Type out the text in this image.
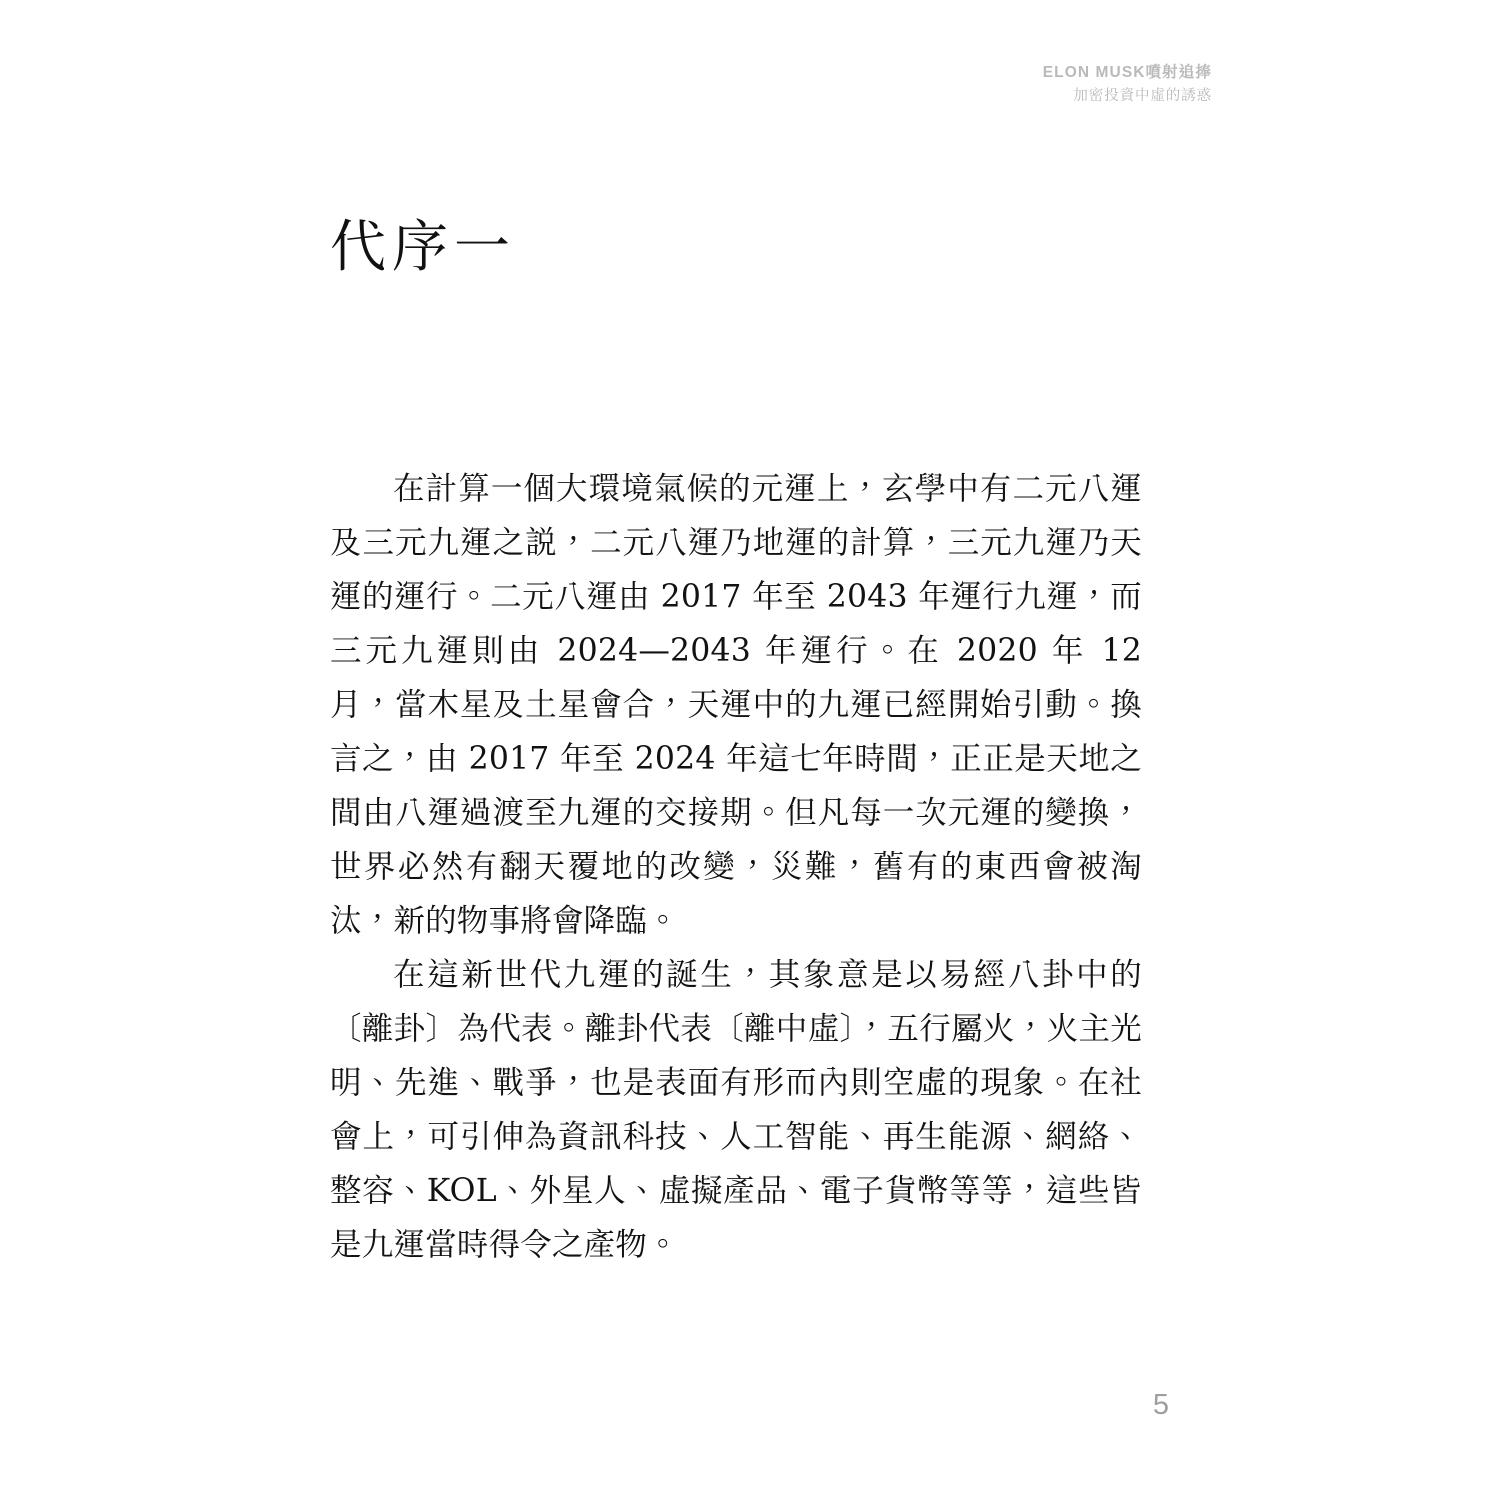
ELON MUSK噴射追捧
加密投資中虛的誘惑
代序一

在計算一個大環境氣候的元運上，玄學中有二元八運及三元九運之説，二元八運乃地運的計算，三元九運乃天運的運行。二元八運由 2017 年至 2043 年運行九運，而三元九運則由 2024—2043 年運行。在 2020 年 12 月，當木星及土星會合，天運中的九運已經開始引動。換言之，由 2017 年至 2024 年這七年時間，正正是天地之間由八運過渡至九運的交接期。但凡每一次元運的變換，世界必然有翻天覆地的改變，災難，舊有的東西會被淘汰，新的物事將會降臨。

在這新世代九運的誕生，其象意是以易經八卦中的〔離卦〕為代表。離卦代表〔離中虛〕，五行屬火，火主光明、先進、戰爭，也是表面有形而內則空虛的現象。在社會上，可引伸為資訊科技、人工智能、再生能源、網絡、整容、KOL、外星人、虛擬產品、電子貨幣等等，這些皆是九運當時得令之產物。

5
